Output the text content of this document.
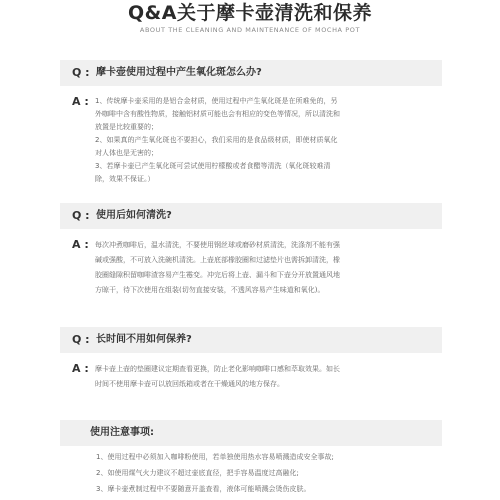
Q&A关于摩卡壶清洗和保养
ABOUT THE CLEANING AND MAINTENANCE OF MOCHA POT
Q : 摩卡壶使用过程中产生氧化斑怎么办?
A : 1、传统摩卡壶采用的是铝合金材质，使用过程中产生氧化斑是在所难免的，另
外咖啡中含有酸性物质，接触铝材质可能也会有相应的变色等情况，所以清洗和
放置是比较重要的；
2、如果真的产生氧化斑也不要担心，我们采用的是食品级材质，即使材质氧化
对人体也是无害的；
3、若摩卡壶已产生氧化斑可尝试使用柠檬酸或者食醋等清洗（氧化斑较难清
除，效果不保证。）
Q : 使用后如何清洗?
A : 每次冲煮咖啡后，温水清洗，不要使用钢丝球或磨砂材质清洗，洗涤剂不能有强
碱或强酸，不可放入洗碗机清洗。上壶底部橡胶圈和过滤垫片也需拆卸清洗，橡
胶圈缝隙积留咖啡渣容易产生霉变。冲完后将上壶、漏斗和下壶分开放置通风地
方晾干，待下次使用在组装(切勿直接安装，不透风容易产生味道和氧化)。
Q : 长时间不用如何保养?
A : 摩卡壶上壶的垫圈建议定期查看更换，防止老化影响咖啡口感和萃取效果。如长
时间不使用摩卡壶可以放回纸箱或者在干燥通风的地方保存。
使用注意事项:
1、使用过程中必须加入咖啡粉使用，若单独使用热水容易喷溅造成安全事故;
2、如使用煤气火力建议不超过壶底直径，把手容易温度过高融化;
3、摩卡壶煮制过程中不要随意开盖查看，液体可能喷溅会烫伤皮肤。
